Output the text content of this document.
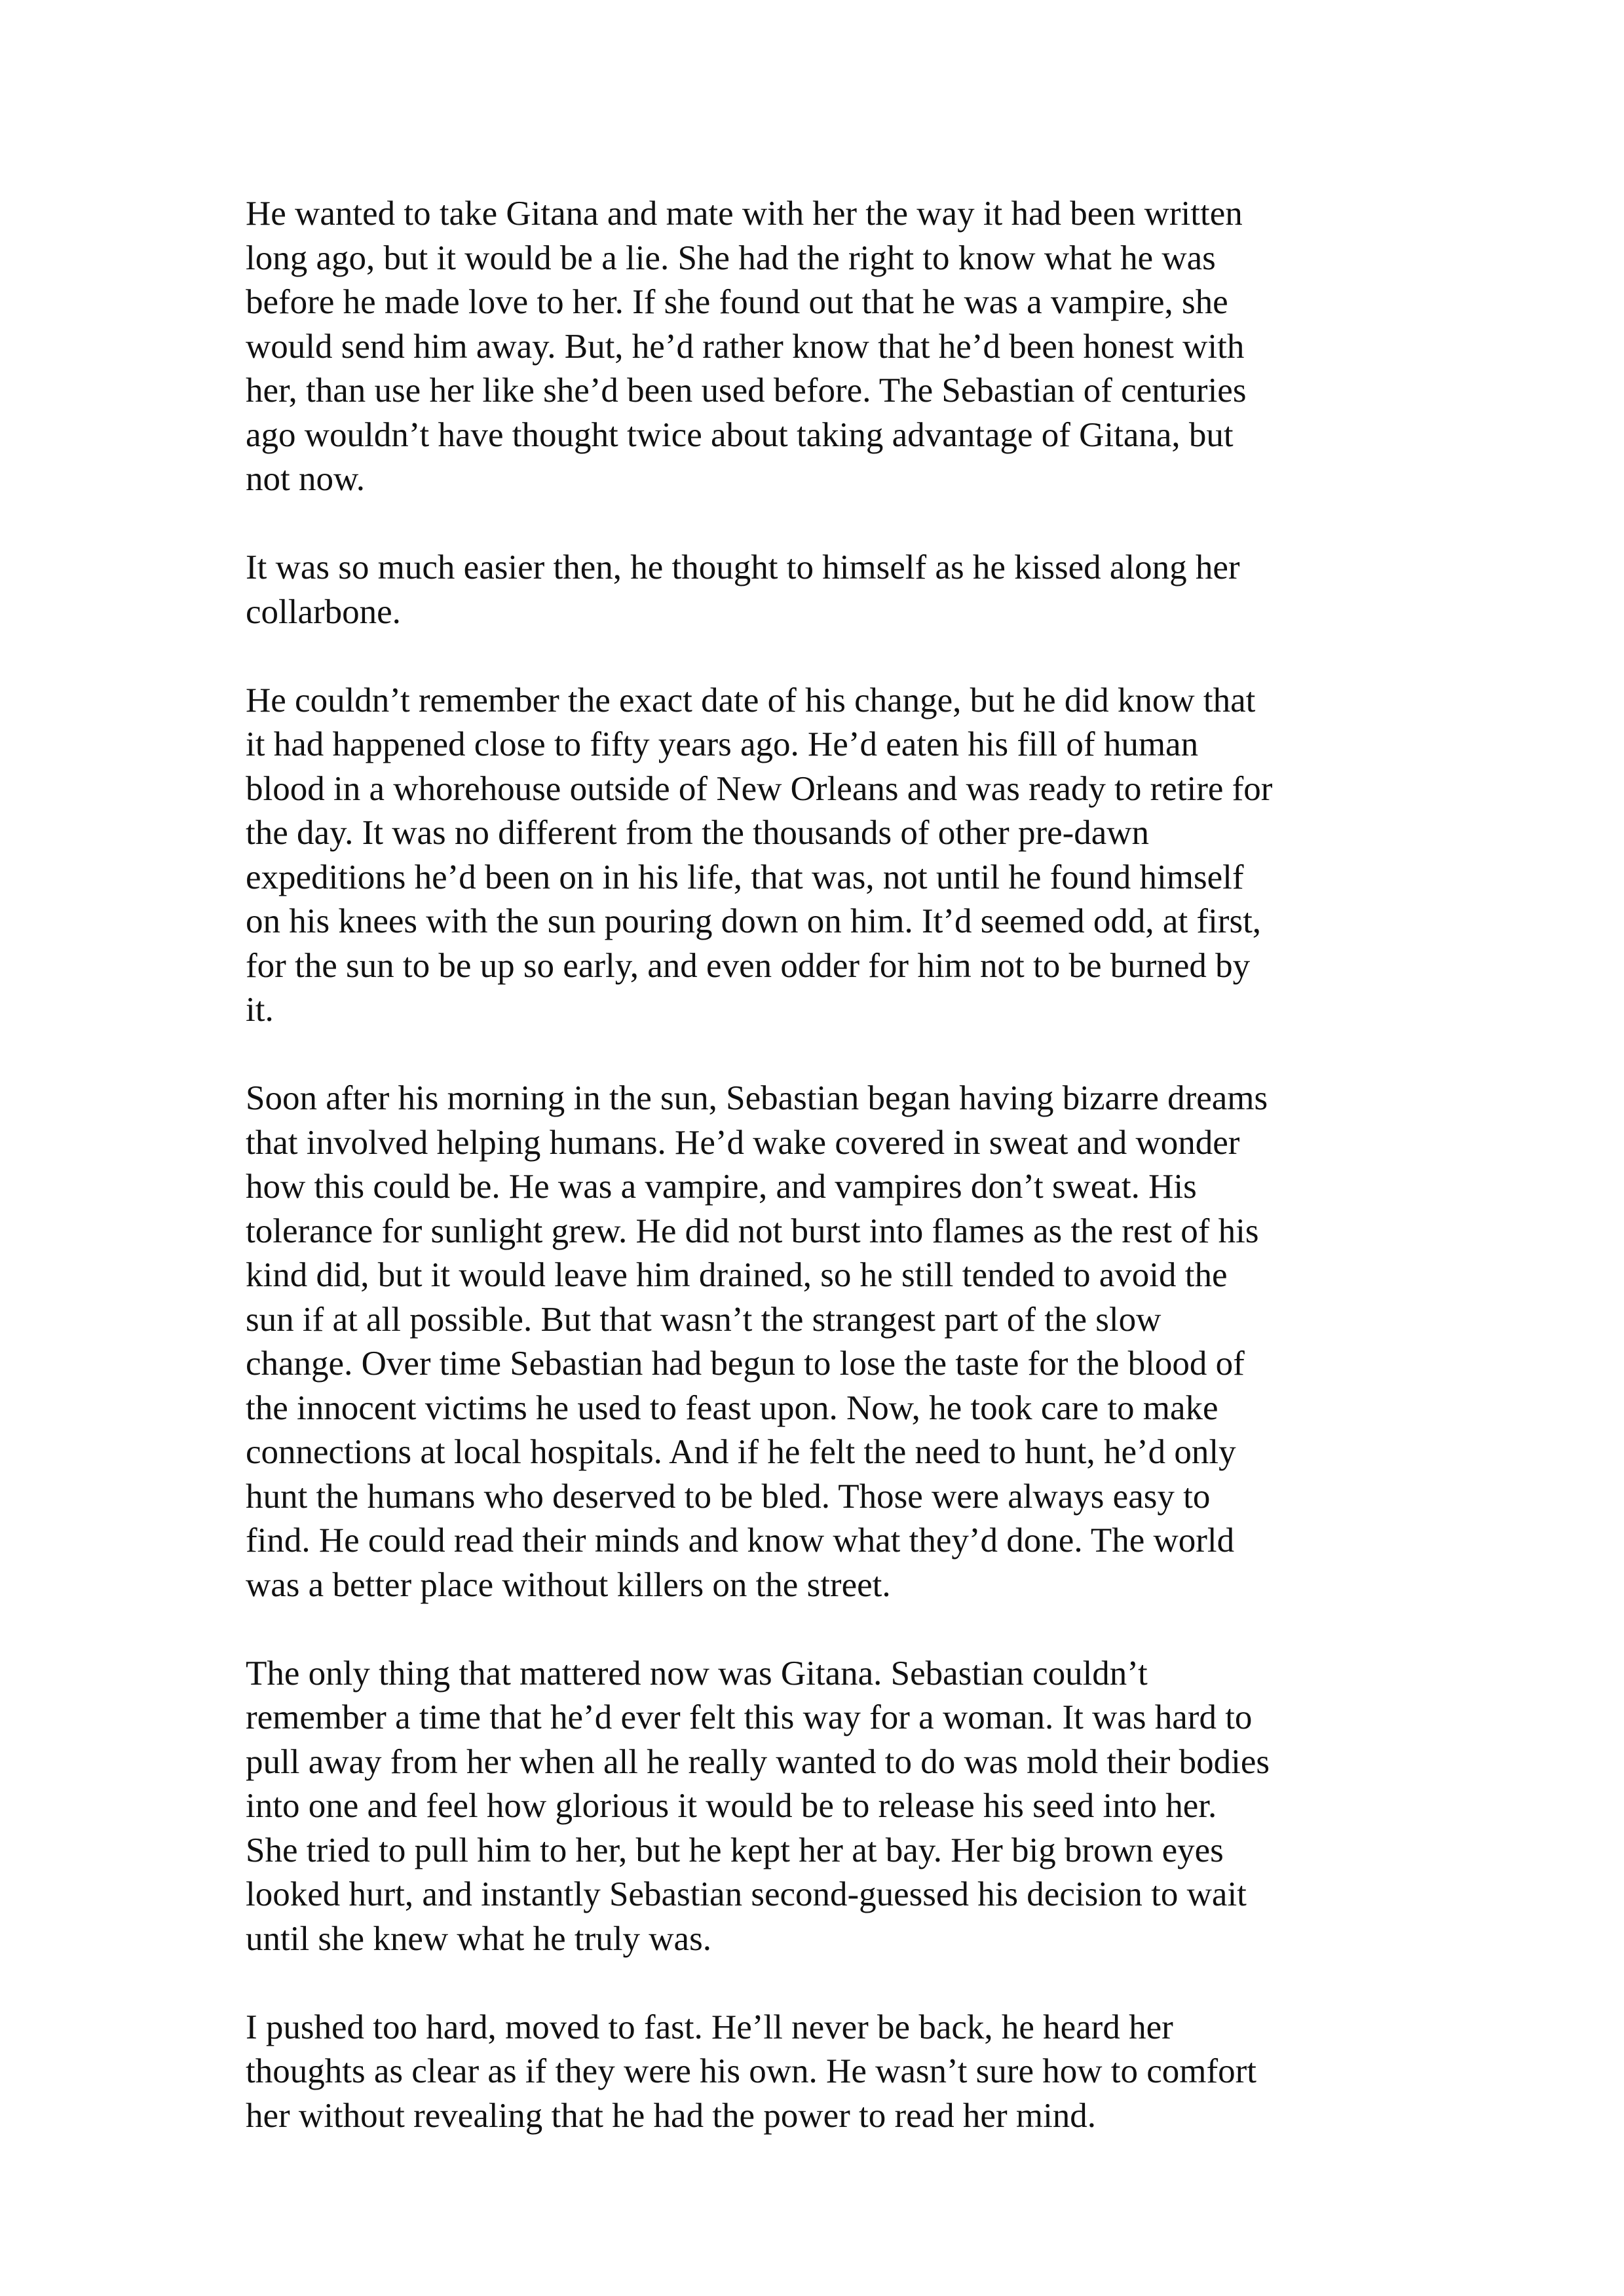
He wanted to take Gitana and mate with her the way it had been written
long ago, but it would be a lie. She had the right to know what he was
before he made love to her. If she found out that he was a vampire, she
would send him away. But, he’d rather know that he’d been honest with
her, than use her like she’d been used before. The Sebastian of centuries
ago wouldn’t have thought twice about taking advantage of Gitana, but
not now.

It was so much easier then, he thought to himself as he kissed along her
collarbone.

He couldn’t remember the exact date of his change, but he did know that
it had happened close to fifty years ago. He’d eaten his fill of human
blood in a whorehouse outside of New Orleans and was ready to retire for
the day. It was no different from the thousands of other pre-dawn
expeditions he’d been on in his life, that was, not until he found himself
on his knees with the sun pouring down on him. It’d seemed odd, at first,
for the sun to be up so early, and even odder for him not to be burned by
it.

Soon after his morning in the sun, Sebastian began having bizarre dreams
that involved helping humans. He’d wake covered in sweat and wonder
how this could be. He was a vampire, and vampires don’t sweat. His
tolerance for sunlight grew. He did not burst into flames as the rest of his
kind did, but it would leave him drained, so he still tended to avoid the
sun if at all possible. But that wasn’t the strangest part of the slow
change. Over time Sebastian had begun to lose the taste for the blood of
the innocent victims he used to feast upon. Now, he took care to make
connections at local hospitals. And if he felt the need to hunt, he’d only
hunt the humans who deserved to be bled. Those were always easy to
find. He could read their minds and know what they’d done. The world
was a better place without killers on the street.

The only thing that mattered now was Gitana. Sebastian couldn’t
remember a time that he’d ever felt this way for a woman. It was hard to
pull away from her when all he really wanted to do was mold their bodies
into one and feel how glorious it would be to release his seed into her.
She tried to pull him to her, but he kept her at bay. Her big brown eyes
looked hurt, and instantly Sebastian second-guessed his decision to wait
until she knew what he truly was.

I pushed too hard, moved to fast. He’ll never be back, he heard her
thoughts as clear as if they were his own. He wasn’t sure how to comfort
her without revealing that he had the power to read her mind.
